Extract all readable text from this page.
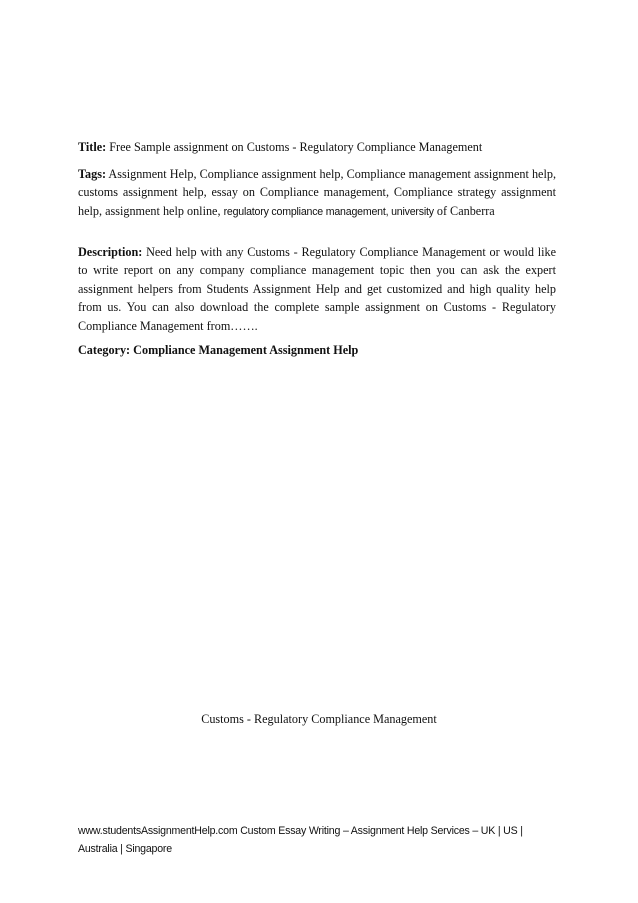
Title: Free Sample assignment on Customs - Regulatory Compliance Management
Tags: Assignment Help, Compliance assignment help, Compliance management assignment help, customs assignment help, essay on Compliance management, Compliance strategy assignment help, assignment help online, regulatory compliance management, university of Canberra
Description: Need help with any Customs - Regulatory Compliance Management or would like to write report on any company compliance management topic then you can ask the expert assignment helpers from Students Assignment Help and get customized and high quality help from us. You can also download the complete sample assignment on Customs - Regulatory Compliance Management from…….
Category: Compliance Management Assignment Help
Customs - Regulatory Compliance Management
www.studentsAssignmentHelp.com Custom Essay Writing – Assignment Help Services – UK | US | Australia | Singapore
